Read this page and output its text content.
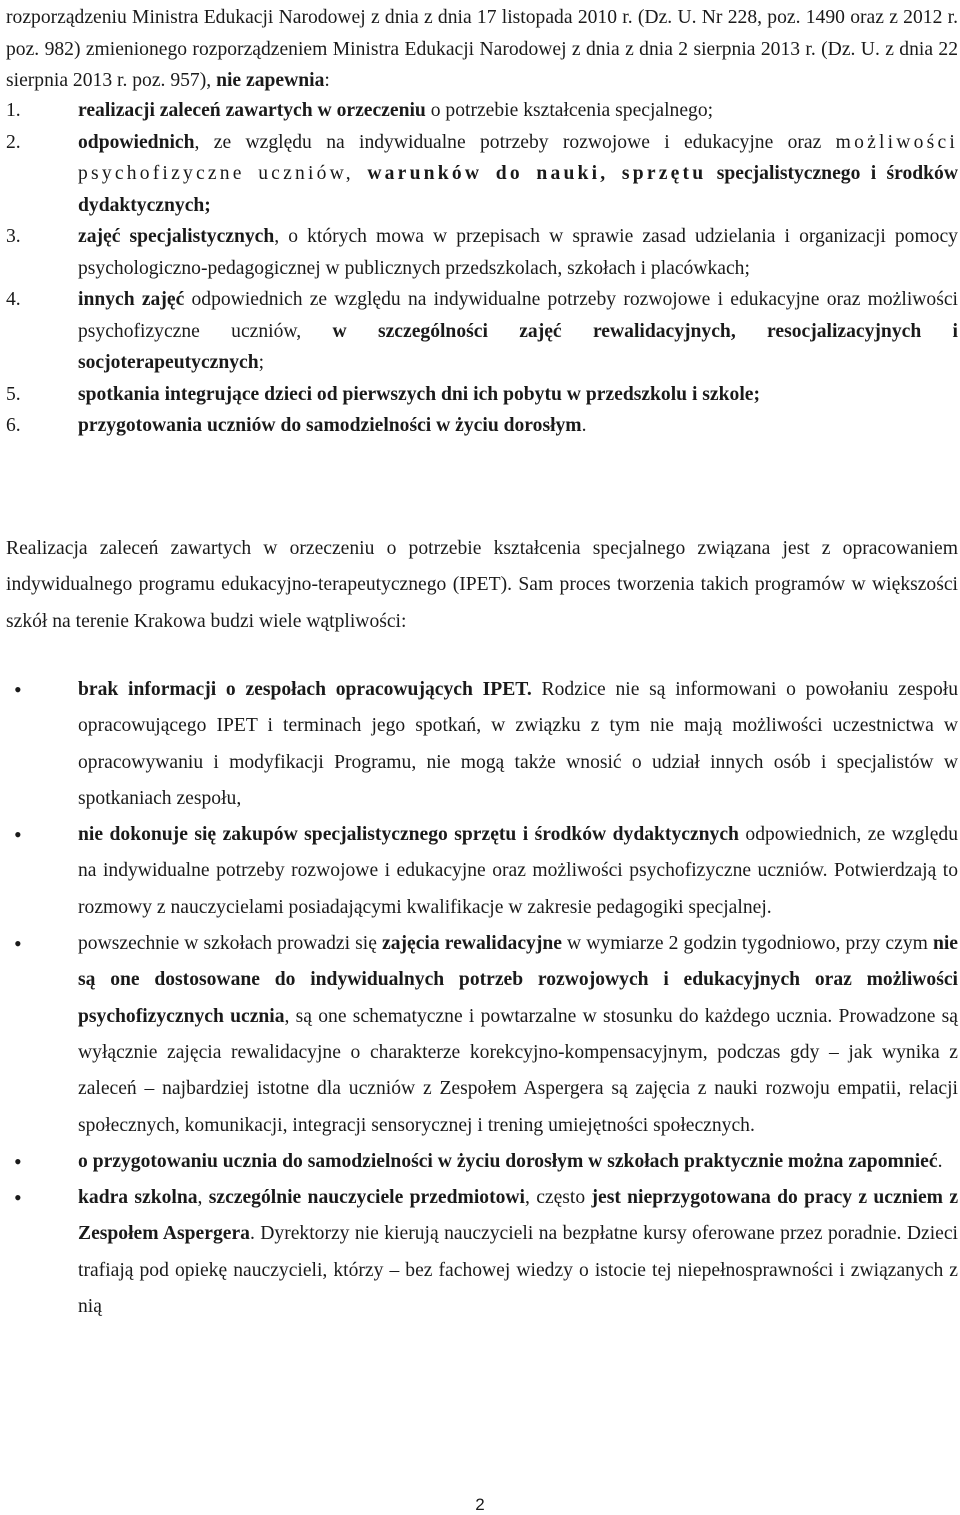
rozporządzeniu Ministra Edukacji Narodowej z dnia z dnia 17 listopada 2010 r. (Dz. U. Nr 228, poz. 1490 oraz z 2012 r. poz. 982) zmienionego rozporządzeniem Ministra Edukacji Narodowej z dnia z dnia 2 sierpnia 2013 r. (Dz. U. z dnia 22 sierpnia 2013 r. poz. 957), nie zapewnia:

1.	realizacji zaleceń zawartych w orzeczeniu o potrzebie kształcenia specjalnego;
2.	odpowiednich, ze względu na indywidualne potrzeby rozwojowe i edukacyjne oraz możliwości psychofizyczne uczniów, warunków do nauki, sprzętu specjalistycznego i środków dydaktycznych;
3.	zajęć specjalistycznych, o których mowa w przepisach w sprawie zasad udzielania i organizacji pomocy psychologiczno-pedagogicznej w publicznych przedszkolach, szkołach i placówkach;
4.	innych zajęć odpowiednich ze względu na indywidualne potrzeby rozwojowe i edukacyjne oraz możliwości psychofizyczne uczniów, w szczególności zajęć rewalidacyjnych, resocjalizacyjnych i socjoterapeutycznych;
5.	spotkania integrujące dzieci od pierwszych dni ich pobytu w przedszkolu i szkole;
6.	przygotowania uczniów do samodzielności w życiu dorosłym.

Realizacja zaleceń zawartych w orzeczeniu o potrzebie kształcenia specjalnego związana jest z opracowaniem indywidualnego programu edukacyjno-terapeutycznego (IPET). Sam proces tworzenia takich programów w większości szkół na terenie Krakowa budzi wiele wątpliwości:

•	brak informacji o zespołach opracowujących IPET. Rodzice nie są informowani o powołaniu zespołu opracowującego IPET i terminach jego spotkań, w związku z tym nie mają możliwości uczestnictwa w opracowywaniu i modyfikacji Programu, nie mogą także wnosić o udział innych osób i specjalistów w spotkaniach zespołu,
•	nie dokonuje się zakupów specjalistycznego sprzętu i środków dydaktycznych odpowiednich, ze względu na indywidualne potrzeby rozwojowe i edukacyjne oraz możliwości psychofizyczne uczniów. Potwierdzają to rozmowy z nauczycielami posiadającymi kwalifikacje w zakresie pedagogiki specjalnej.
•	powszechnie w szkołach prowadzi się zajęcia rewalidacyjne w wymiarze 2 godzin tygodniowo, przy czym nie są one dostosowane do indywidualnych potrzeb rozwojowych i edukacyjnych oraz możliwości psychofizycznych ucznia, są one schematyczne i powtarzalne w stosunku do każdego ucznia. Prowadzone są wyłącznie zajęcia rewalidacyjne o charakterze korekcyjno-kompensacyjnym, podczas gdy – jak wynika z zaleceń – najbardziej istotne dla uczniów z Zespołem Aspergera są zajęcia z nauki rozwoju empatii, relacji społecznych, komunikacji, integracji sensorycznej i trening umiejętności społecznych.
•	o przygotowaniu ucznia do samodzielności w życiu dorosłym w szkołach praktycznie można zapomnieć.
•	kadra szkolna, szczególnie nauczyciele przedmiotowi, często jest nieprzygotowana do pracy z uczniem z Zespołem Aspergera. Dyrektorzy nie kierują nauczycieli na bezpłatne kursy oferowane przez poradnie. Dzieci trafiają pod opiekę nauczycieli, którzy – bez fachowej wiedzy o istocie tej niepełnosprawności i związanych z nią
2
